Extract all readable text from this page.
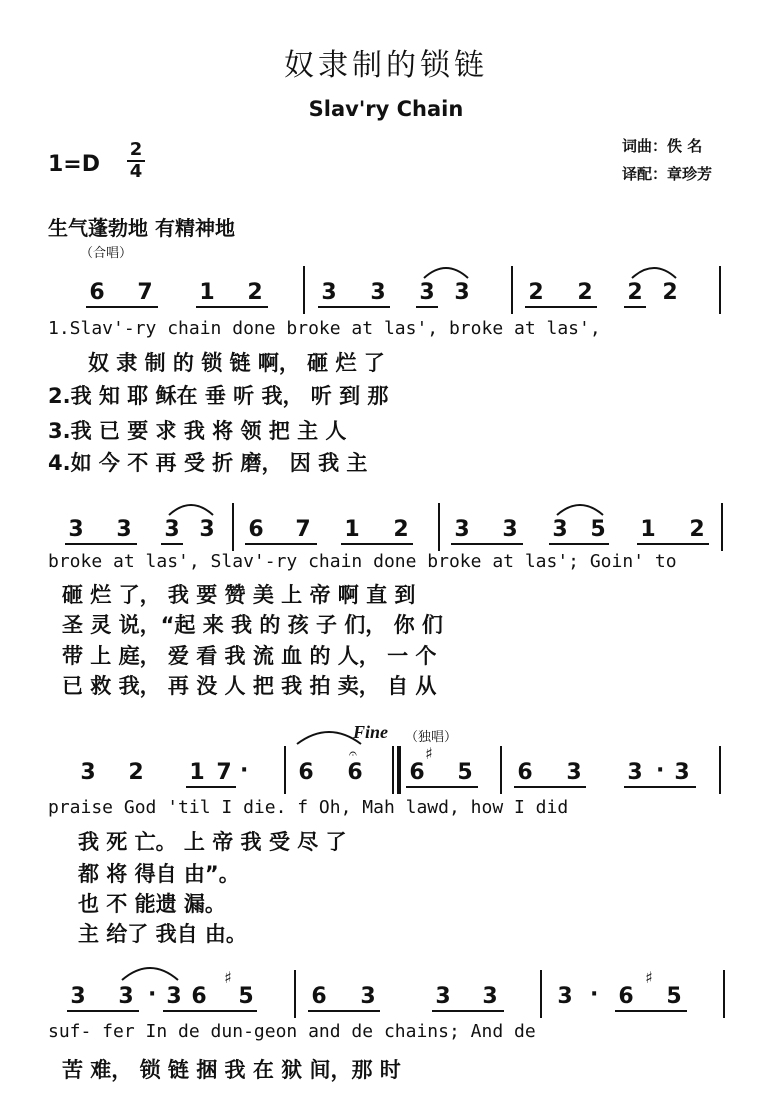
奴隶制的锁链
Slav'ry Chain
1=D
2
4
词曲：佚 名
译配：章珍芳
生气蓬勃地 有精神地
（合唱）
Fine （独唱）
6 7 1 2	3 3 3 3	2 2 2 2
1.Slav'-ry chain done broke at las', broke at las',
奴 隶 制 的 锁 链 啊， 砸 烂 了
2.我 知 耶 稣在 垂 听 我， 听 到 那
3.我 已 要 求 我 将 领 把 主 人
4.如 今 不 再 受 折 磨， 因 我 主
3 3 3 3 6 7 1 2 3 3 3 5 1 2
broke at las', Slav'-ry chain done broke at las'; Goin' to
砸 烂 了， 我 要 赞 美 上 帝 啊 直 到
圣 灵 说，“起 来 我 的 孩 子 们， 你 们
带 上 庭， 爱 看 我 流 血 的 人， 一 个
已 救 我， 再 没 人 把 我 拍 卖， 自 从
3 2 1 7	6 6 6 5 6 3 3 3
·	·
♯
𝄐
praise God 'til I die. f Oh, Mah lawd, how I did
我 死 亡。 上 帝 我 受 尽 了
都 将 得自 由”。
也 不 能遗 漏。
主 给了 我自 由。
3 3 3 6 5	6 3	3 3	3 6 5
·	·
♯	♯
suf- fer In de dun-geon and de chains; And de
苦 难， 锁 链 捆 我 在 狱 间，那 时
